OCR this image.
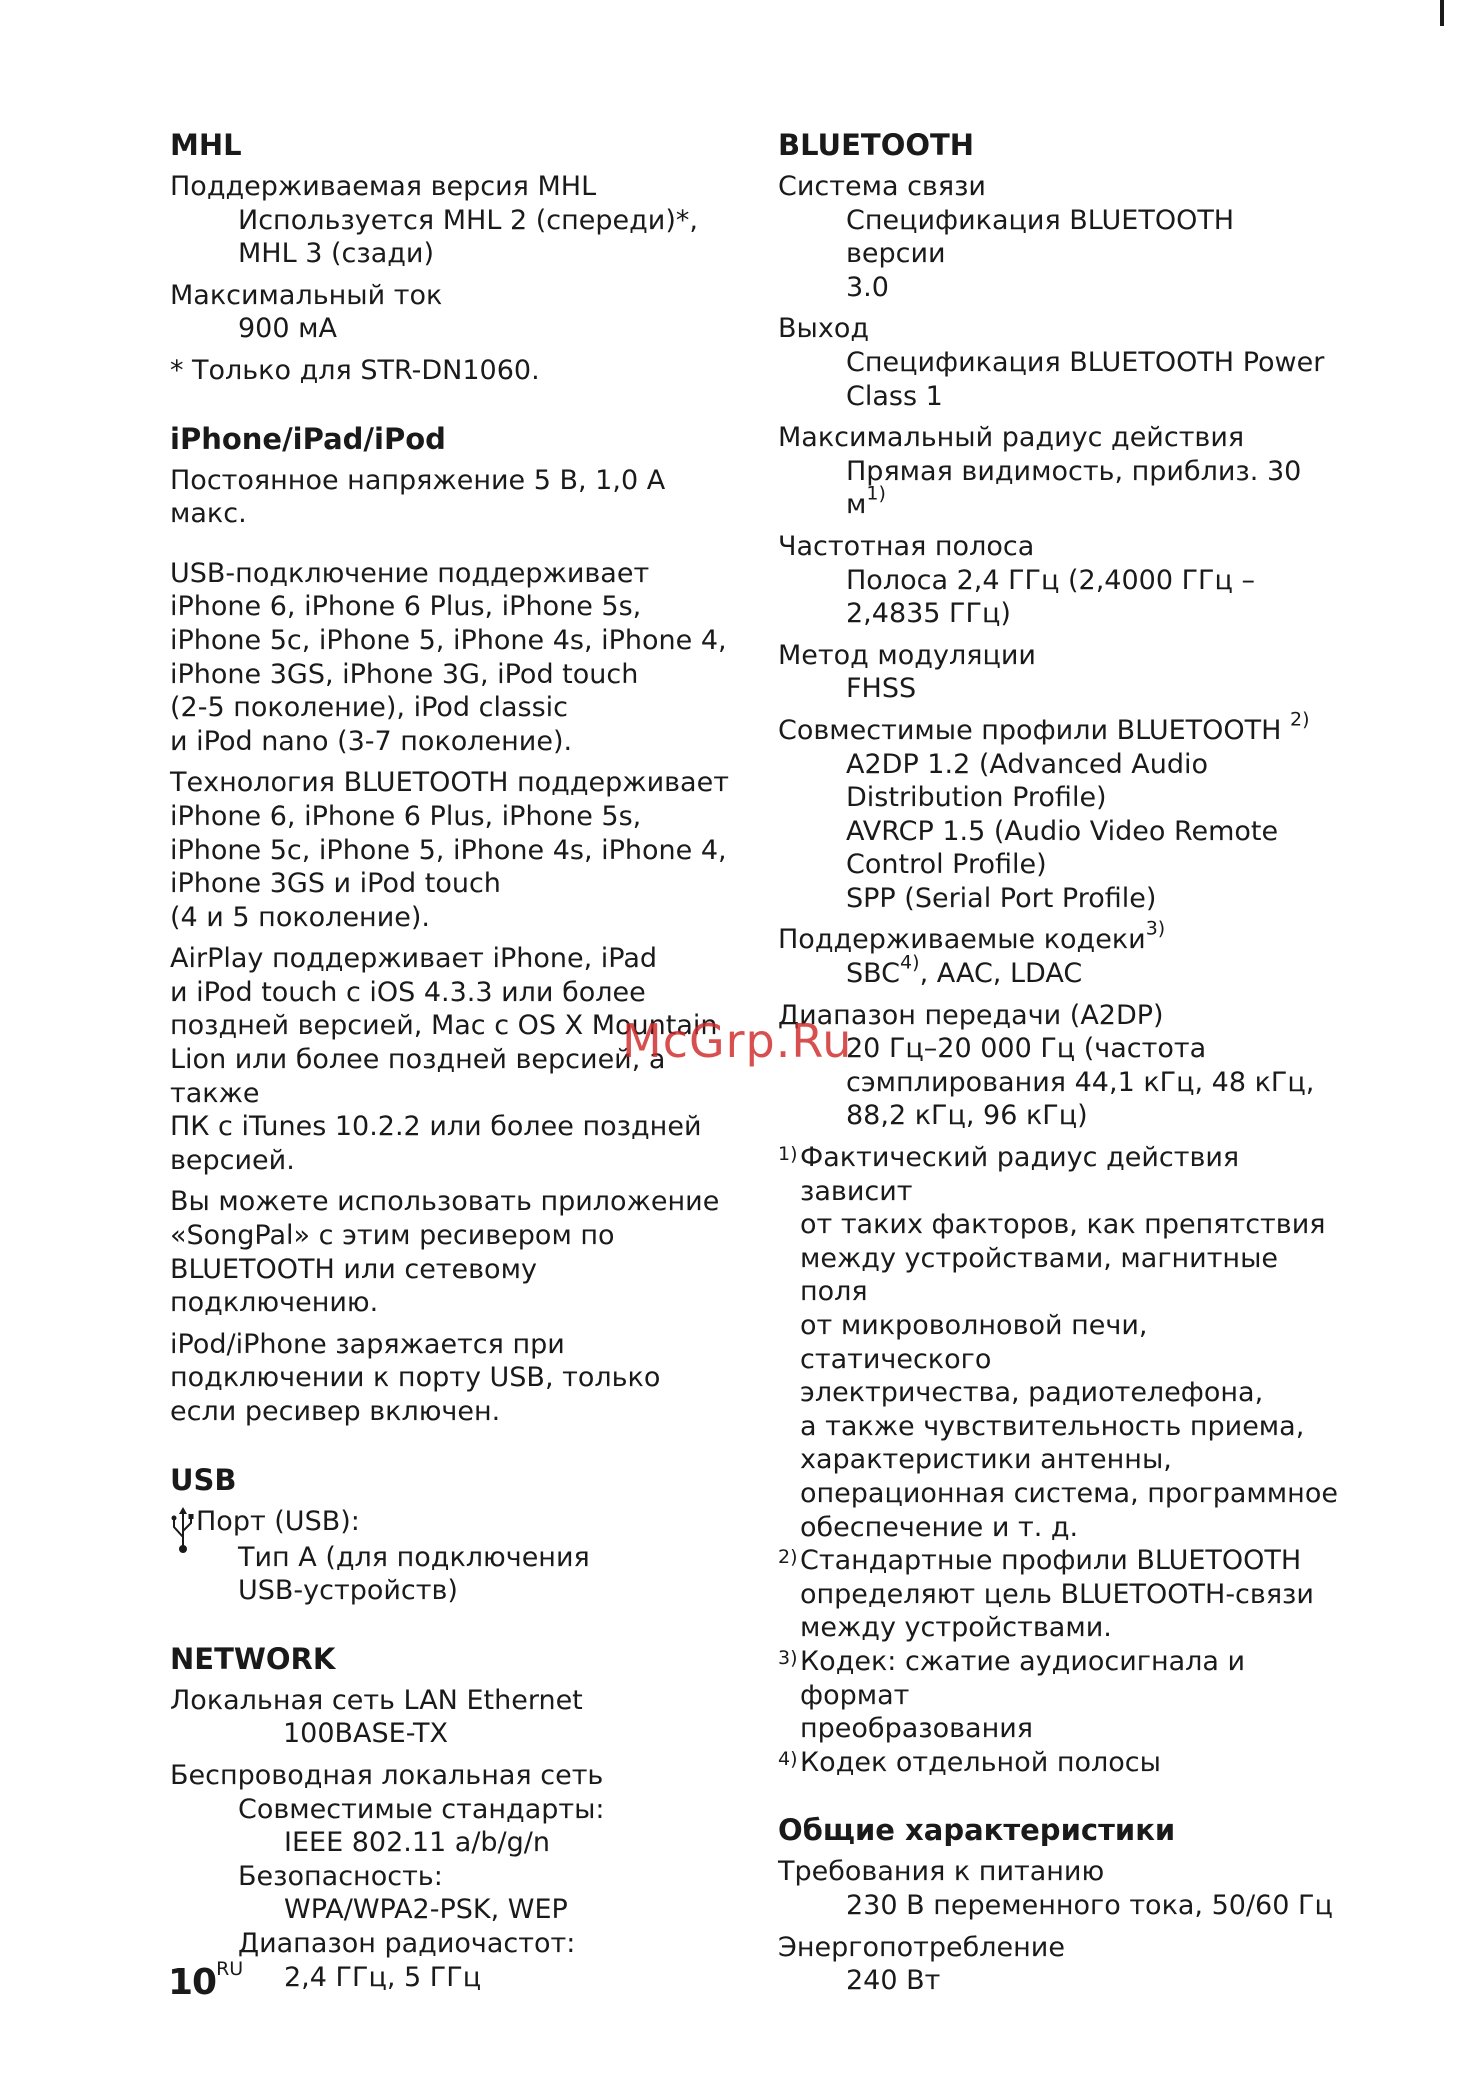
MHL
Поддерживаемая версия MHL
Используется MHL 2 (спереди)*,
MHL 3 (сзади)
Максимальный ток
900 мА
* Только для STR-DN1060.
iPhone/iPad/iPod
Постоянное напряжение 5 В, 1,0 А макс.
USB-подключение поддерживает
iPhone 6, iPhone 6 Plus, iPhone 5s,
iPhone 5c, iPhone 5, iPhone 4s, iPhone 4,
iPhone 3GS, iPhone 3G, iPod touch
(2-5 поколение), iPod classic
и iPod nano (3-7 поколение).
Технология BLUETOOTH поддерживает
iPhone 6, iPhone 6 Plus, iPhone 5s,
iPhone 5c, iPhone 5, iPhone 4s, iPhone 4,
iPhone 3GS и iPod touch
(4 и 5 поколение).
AirPlay поддерживает iPhone, iPad
и iPod touch с iOS 4.3.3 или более
поздней версией, Mac с OS X Mountain
Lion или более поздней версией, а также
ПК с iTunes 10.2.2 или более поздней
версией.
Вы можете использовать приложение
«SongPal» с этим ресивером по
BLUETOOTH или сетевому подключению.
iPod/iPhone заряжается при
подключении к порту USB, только
если ресивер включен.
USB
Порт (USB):
Тип A (для подключения
USB-устройств)
NETWORK
Локальная сеть LAN Ethernet
100BASE-TX
Беспроводная локальная сеть
Совместимые стандарты:
IEEE 802.11 a/b/g/n
Безопасность:
WPA/WPA2-PSK, WEP
Диапазон радиочастот:
2,4 ГГц, 5 ГГц
BLUETOOTH
Система связи
Спецификация BLUETOOTH версии
3.0
Выход
Спецификация BLUETOOTH Power
Class 1
Максимальный радиус действия
Прямая видимость, приблиз. 30 $м^{1)}$
Частотная полоса
Полоса 2,4 ГГц (2,4000 ГГц –
2,4835 ГГц)
Метод модуляции
FHSS
Совместимые профили BLUETOOTH $^{2)}$
A2DP 1.2 (Advanced Audio
Distribution Profile)
AVRCP 1.5 (Audio Video Remote
Control Profile)
SPP (Serial Port Profile)
Поддерживаемые кодеки$^{3)}$
SBC$^{4)}$, AAC, LDAC
Диапазон передачи (A2DP)
20 Гц–20 000 Гц (частота
сэмплирования 44,1 кГц, 48 кГц,
88,2 кГц, 96 кГц)
1) Фактический радиус действия зависит
от таких факторов, как препятствия
между устройствами, магнитные поля
от микроволновой печи, статического
электричества, радиотелефона,
а также чувствительность приема,
характеристики антенны,
операционная система, программное
обеспечение и т. д.
2) Стандартные профили BLUETOOTH
определяют цель BLUETOOTH-связи
между устройствами.
3) Кодек: сжатие аудиосигнала и формат
преобразования
4) Кодек отдельной полосы
Общие характеристики
Требования к питанию
230 В переменного тока, 50/60 Гц
Энергопотребление
240 Вт
McGrp.Ru
$10^{RU}$
